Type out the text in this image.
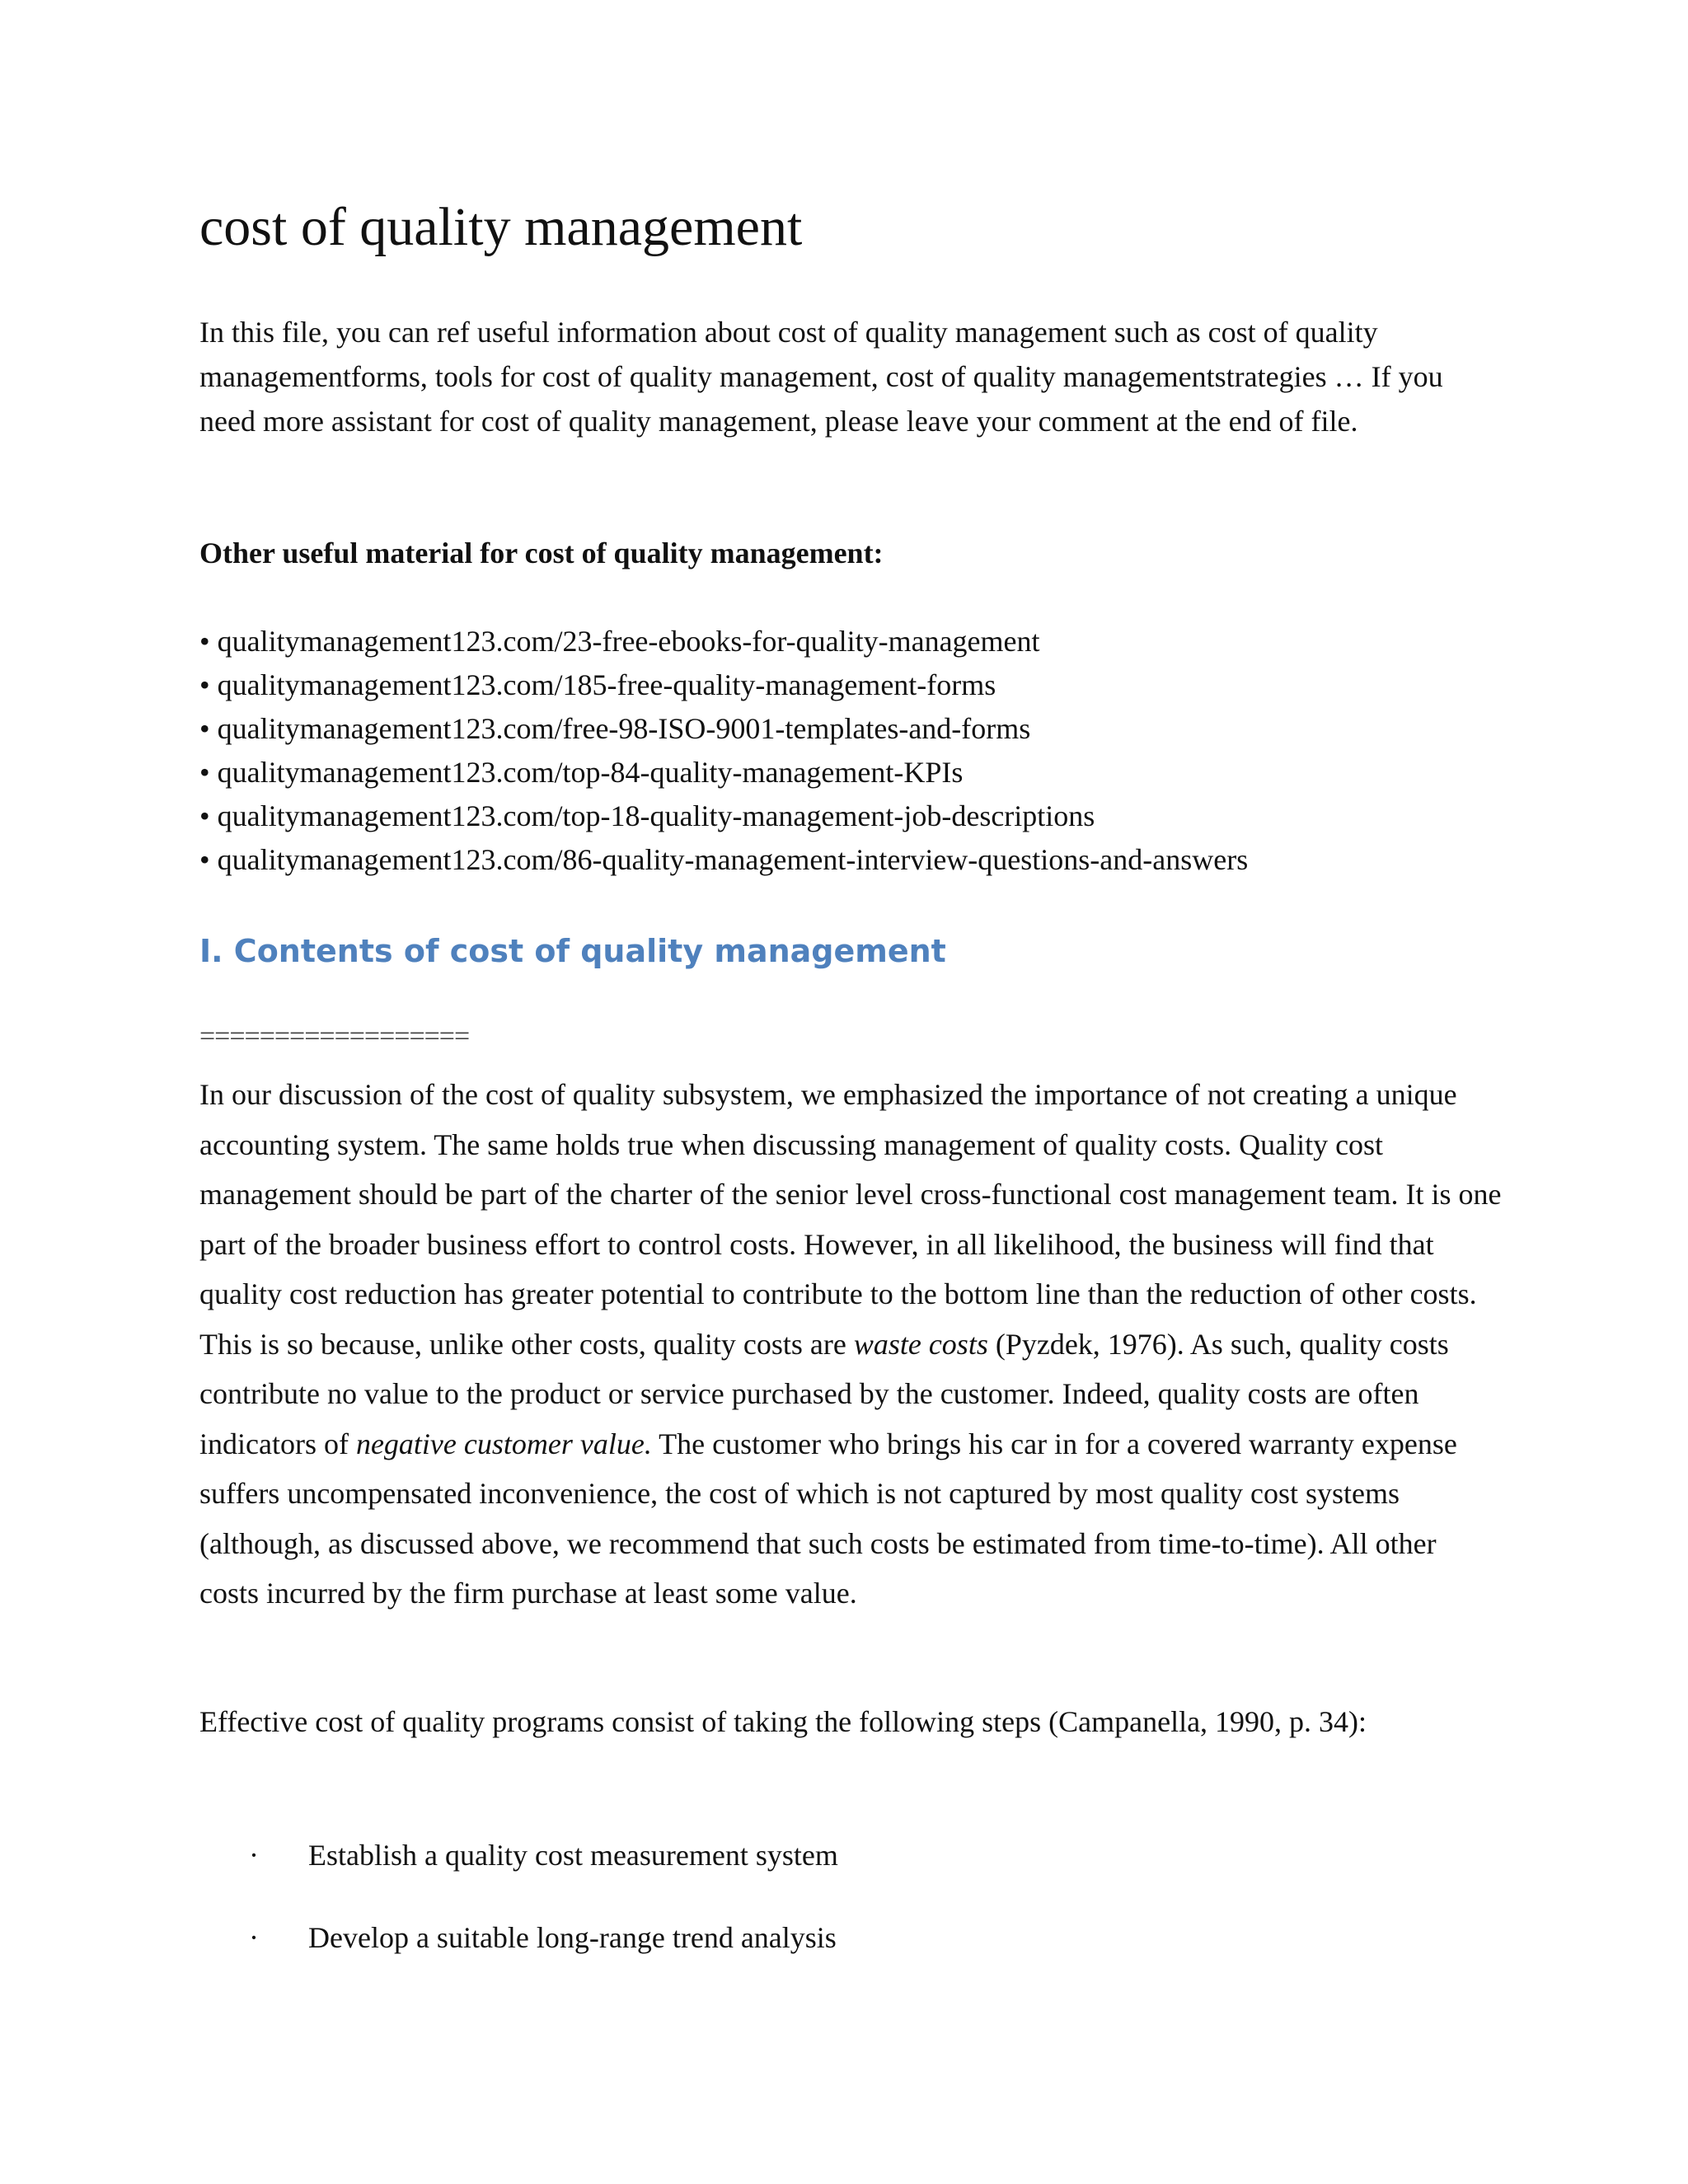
cost of quality management

In this file, you can ref useful information about cost of quality management such as cost of quality managementforms, tools for cost of quality management, cost of quality managementstrategies … If you need more assistant for cost of quality management, please leave your comment at the end of file.

Other useful material for cost of quality management:

• qualitymanagement123.com/23-free-ebooks-for-quality-management
• qualitymanagement123.com/185-free-quality-management-forms
• qualitymanagement123.com/free-98-ISO-9001-templates-and-forms
• qualitymanagement123.com/top-84-quality-management-KPIs
• qualitymanagement123.com/top-18-quality-management-job-descriptions
• qualitymanagement123.com/86-quality-management-interview-questions-and-answers
I. Contents of cost of quality management

==================

In our discussion of the cost of quality subsystem, we emphasized the importance of not creating a unique accounting system. The same holds true when discussing management of quality costs. Quality cost management should be part of the charter of the senior level cross-functional cost management team. It is one part of the broader business effort to control costs. However, in all likelihood, the business will find that quality cost reduction has greater potential to contribute to the bottom line than the reduction of other costs. This is so because, unlike other costs, quality costs are waste costs (Pyzdek, 1976). As such, quality costs contribute no value to the product or service purchased by the customer. Indeed, quality costs are often indicators of negative customer value. The customer who brings his car in for a covered warranty expense suffers uncompensated inconvenience, the cost of which is not captured by most quality cost systems (although, as discussed above, we recommend that such costs be estimated from time-to-time). All other costs incurred by the firm purchase at least some value.

Effective cost of quality programs consist of taking the following steps (Campanella, 1990, p. 34):

· Establish a quality cost measurement system
· Develop a suitable long-range trend analysis
